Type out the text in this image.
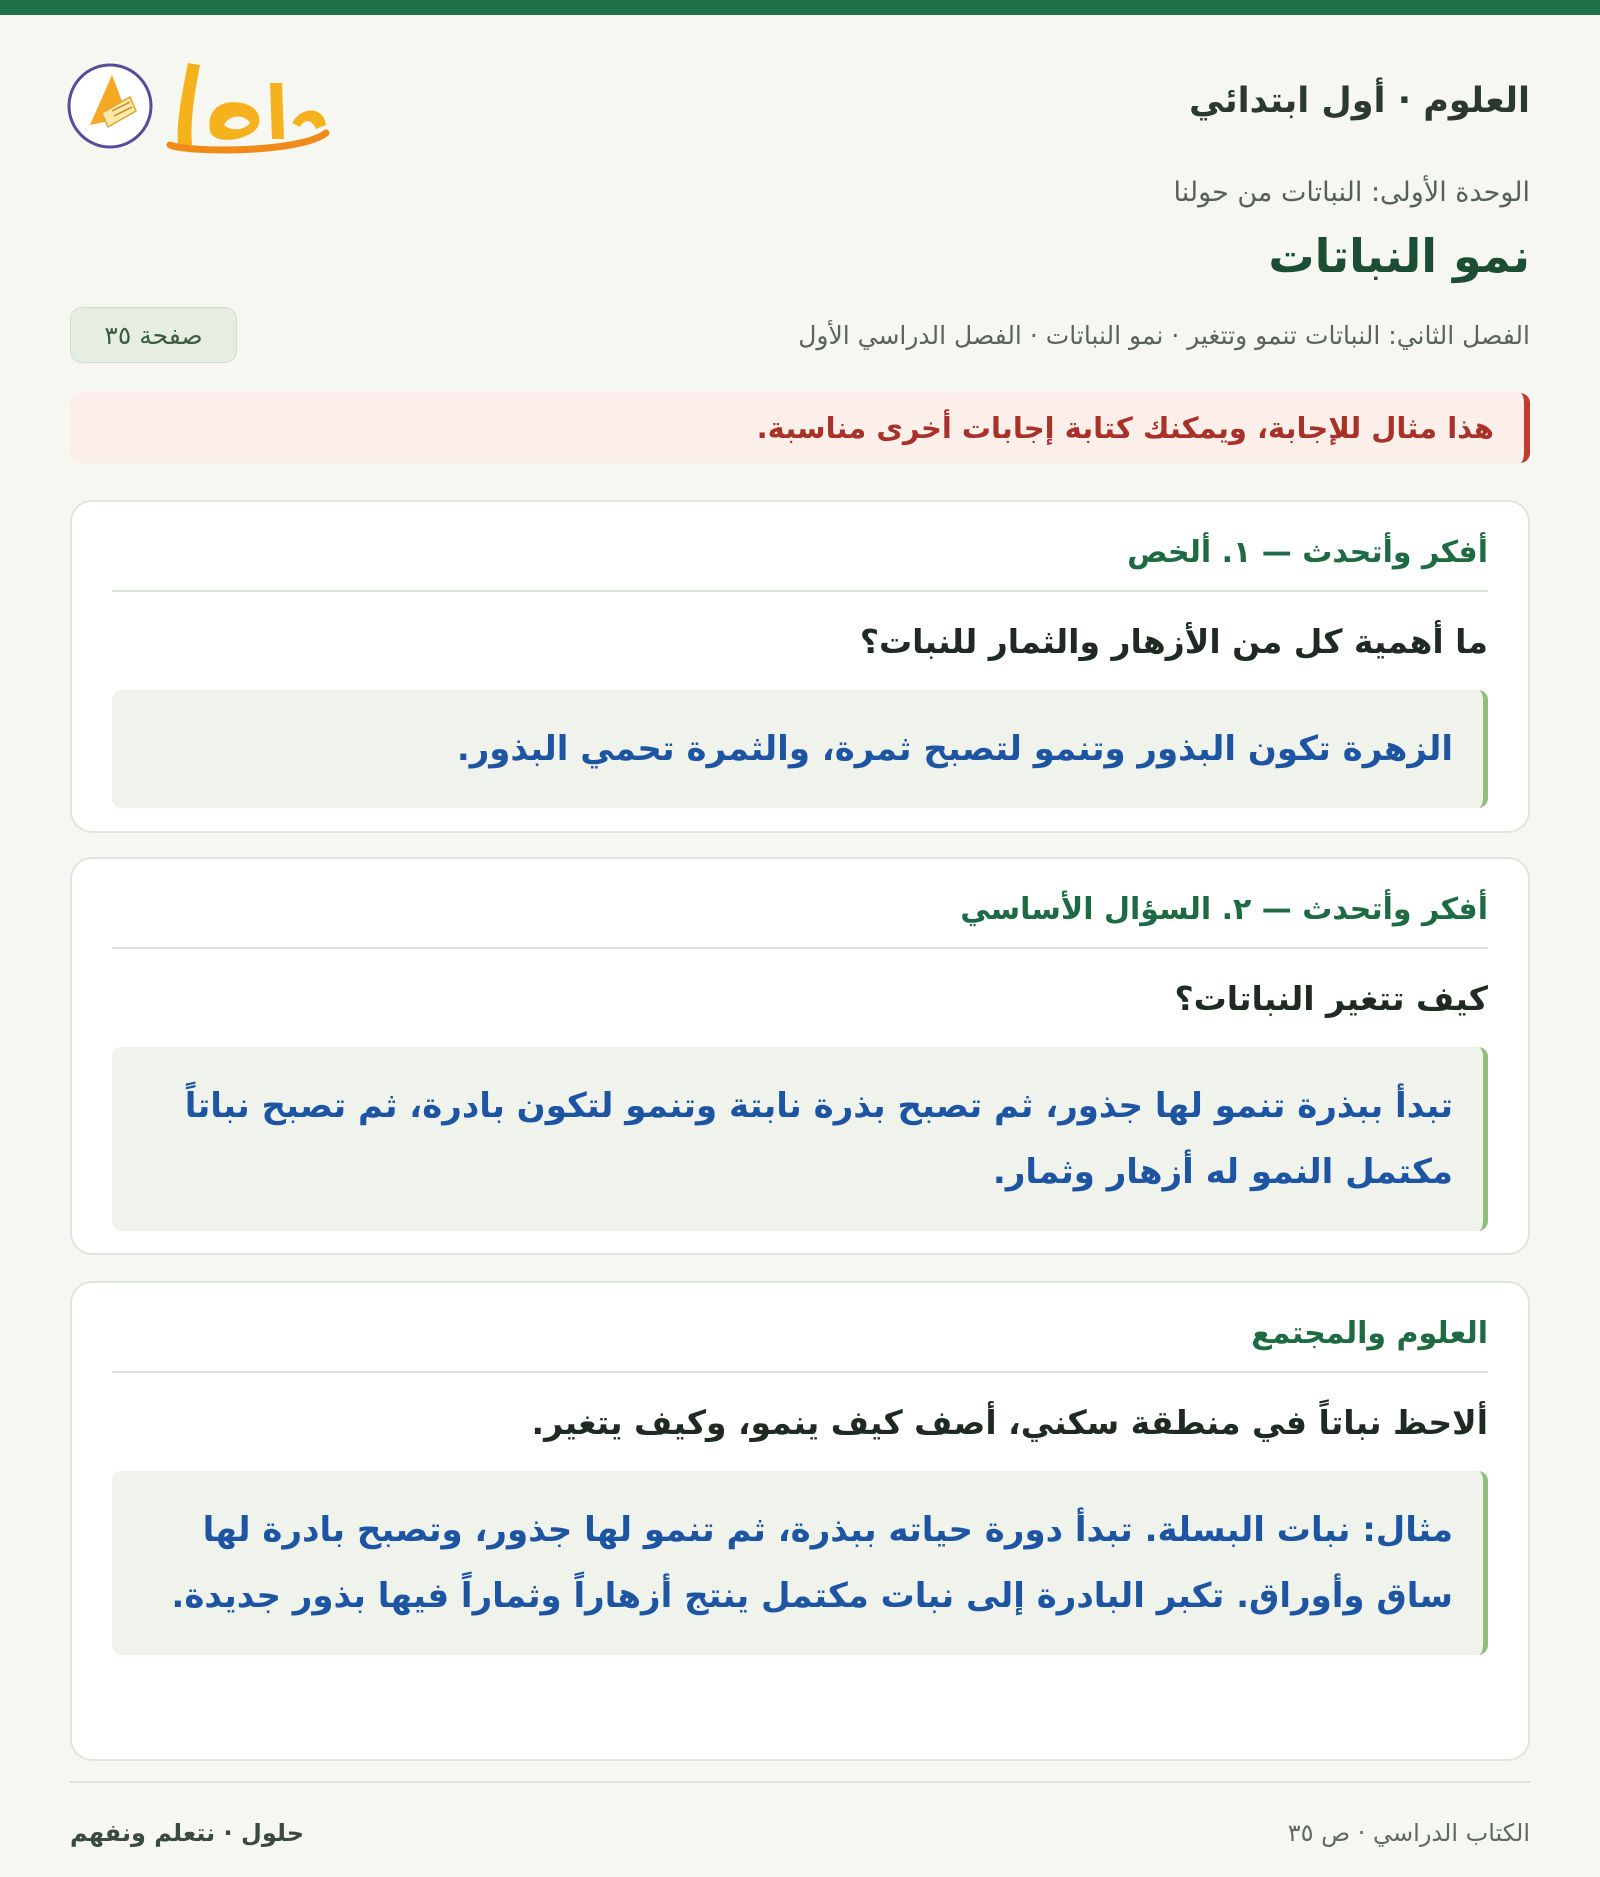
العلوم · أول ابتدائي
حلول
الوحدة الأولى: النباتات من حولنا
نمو النباتات
الفصل الثاني: النباتات تنمو وتتغير · نمو النباتات · الفصل الدراسي الأول
صفحة ٣٥
هذا مثال للإجابة، ويمكنك كتابة إجابات أخرى مناسبة.
أفكر وأتحدث — ١. ألخص
ما أهمية كل من الأزهار والثمار للنبات؟
الزهرة تكون البذور وتنمو لتصبح ثمرة، والثمرة تحمي البذور.
أفكر وأتحدث — ٢. السؤال الأساسي
كيف تتغير النباتات؟
تبدأ ببذرة تنمو لها جذور، ثم تصبح بذرة نابتة وتنمو لتكون بادرة، ثم تصبح نباتاً مكتمل النمو له أزهار وثمار.
العلوم والمجتمع
ألاحظ نباتاً في منطقة سكني، أصف كيف ينمو، وكيف يتغير.
مثال: نبات البسلة. تبدأ دورة حياته ببذرة، ثم تنمو لها جذور، وتصبح بادرة لها ساق وأوراق. تكبر البادرة إلى نبات مكتمل ينتج أزهاراً وثماراً فيها بذور جديدة.
الكتاب الدراسي · ص ٣٥
حلول · نتعلم ونفهم
